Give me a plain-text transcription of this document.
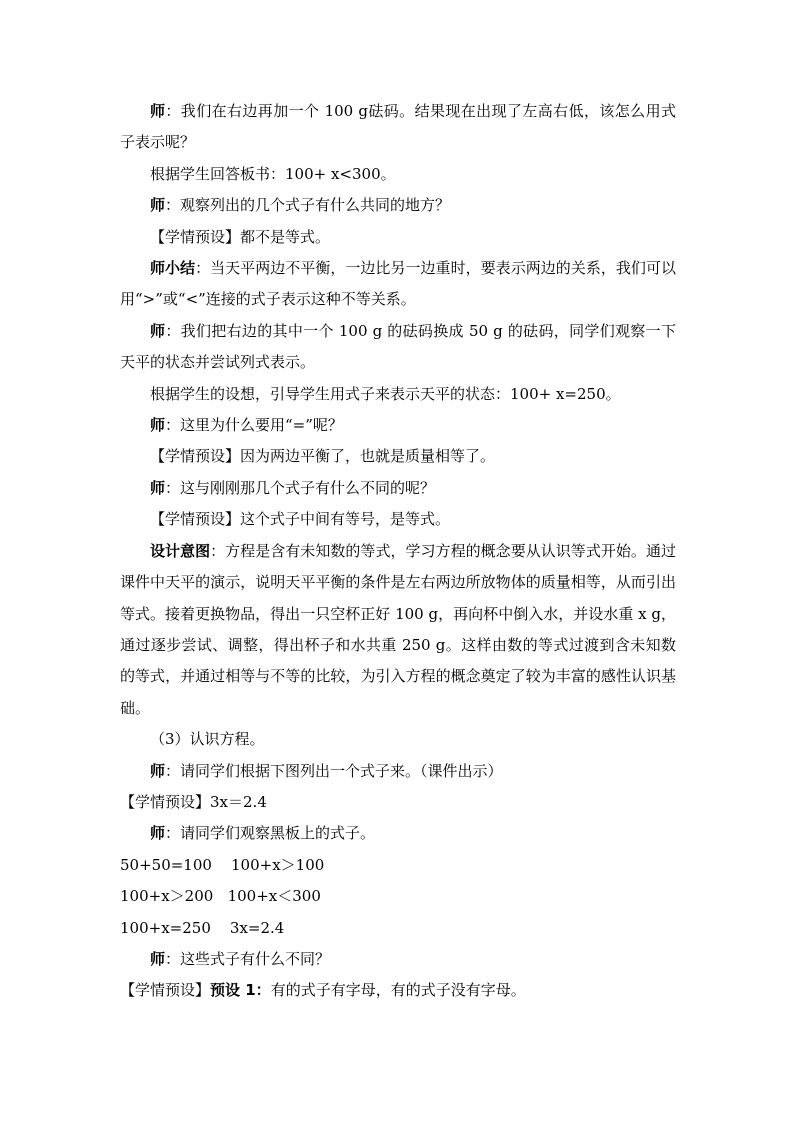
师：我们在右边再加一个 100 g砝码。结果现在出现了左高右低，该怎么用式子表示呢？

根据学生回答板书：100+ x<300。

师：观察列出的几个式子有什么共同的地方？

【学情预设】都不是等式。

师小结：当天平两边不平衡，一边比另一边重时，要表示两边的关系，我们可以用“>”或“<”连接的式子表示这种不等关系。

师：我们把右边的其中一个 100 g 的砝码换成 50 g 的砝码，同学们观察一下天平的状态并尝试列式表示。

根据学生的设想，引导学生用式子来表示天平的状态：100+ x=250。

师：这里为什么要用“=”呢？

【学情预设】因为两边平衡了，也就是质量相等了。

师：这与刚刚那几个式子有什么不同的呢？

【学情预设】这个式子中间有等号，是等式。

设计意图：方程是含有未知数的等式，学习方程的概念要从认识等式开始。通过课件中天平的演示，说明天平平衡的条件是左右两边所放物体的质量相等，从而引出等式。接着更换物品，得出一只空杯正好 100 g，再向杯中倒入水，并设水重 x g，通过逐步尝试、调整，得出杯子和水共重 250 g。这样由数的等式过渡到含未知数的等式，并通过相等与不等的比较，为引入方程的概念奠定了较为丰富的感性认识基础。

（3）认识方程。

师：请同学们根据下图列出一个式子来。（课件出示）

【学情预设】3x＝2.4

师：请同学们观察黑板上的式子。

50+50=100    100+x＞100

100+x＞200   100+x＜300

100+x=250    3x=2.4

师：这些式子有什么不同？

【学情预设】预设 1：有的式子有字母，有的式子没有字母。
